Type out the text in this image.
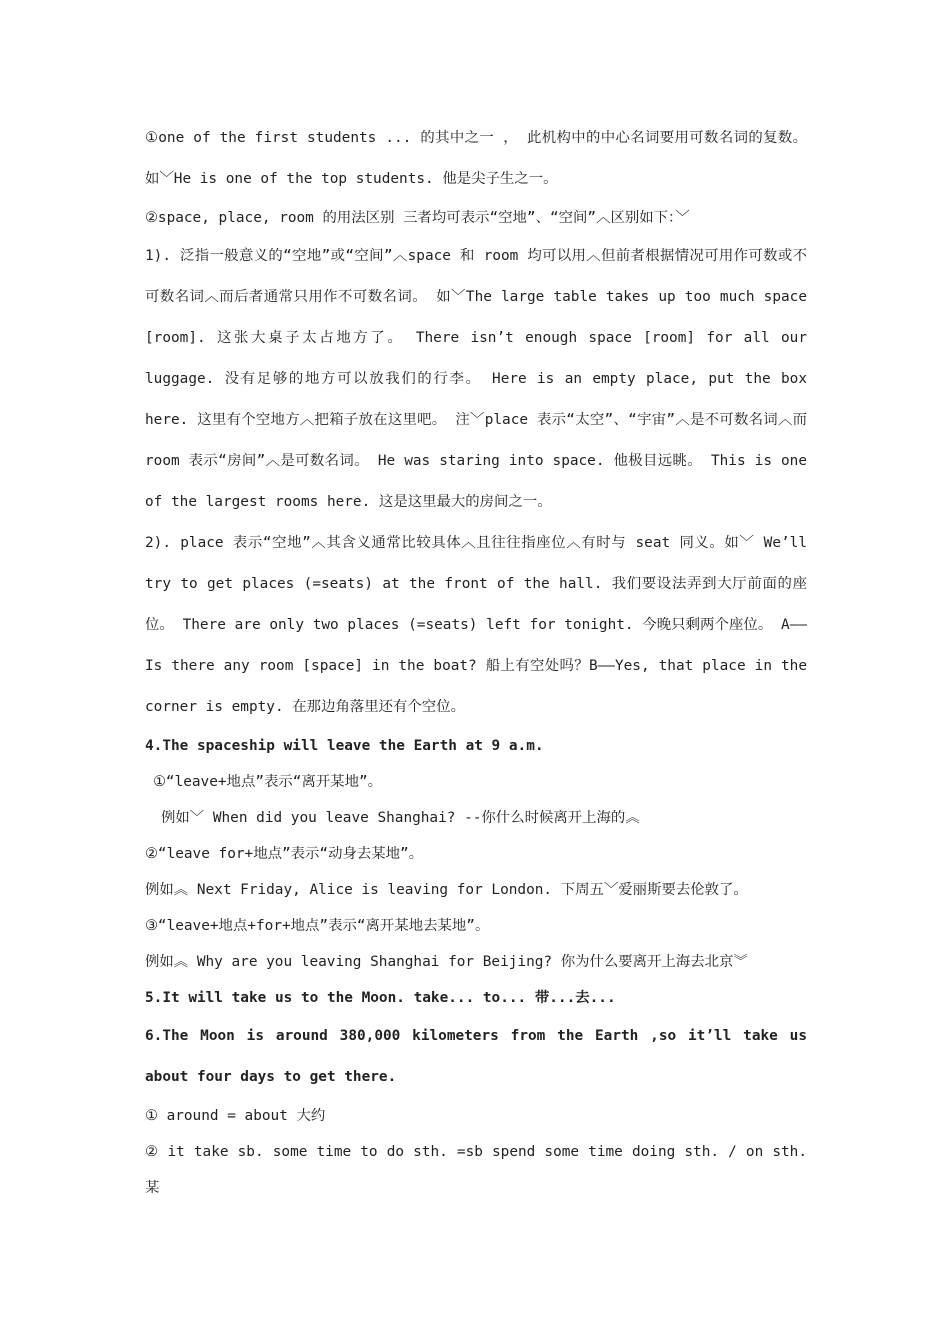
①one of the first students ... 的其中之一 ， 此机构中的中心名词要用可数名词的复数。 如﹀He is one of the top students. 他是尖子生之一。

②space, place, room 的用法区别 三者均可表示“空地”、“空间”︿区别如下：﹀

1). 泛指一般意义的“空地”或“空间”︿space 和 room 均可以用︿但前者根据情况可用作可数或不可数名词︿而后者通常只用作不可数名词。 如﹀The large table takes up too much space [room]. 这张大桌子太占地方了。 There isn’t enough space [room] for all our luggage. 没有足够的地方可以放我们的行李。 Here is an empty place, put the box here. 这里有个空地方︿把箱子放在这里吧。 注﹀place 表示“太空”、“宇宙”︿是不可数名词︿而 room 表示“房间”︿是可数名词。 He was staring into space. 他极目远眺。 This is one of the largest rooms here. 这是这里最大的房间之一。

2). place 表示“空地”︿其含义通常比较具体︿且往往指座位︿有时与 seat 同义。如﹀ We’ll try to get places (=seats) at the front of the hall. 我们要设法弄到大厅前面的座位。 There are only two places (=seats) left for tonight. 今晚只剩两个座位。 A——Is there any room [space] in the boat? 船上有空处吗？B——Yes, that place in the corner is empty. 在那边角落里还有个空位。

4.The spaceship will leave the Earth at 9 a.m.

①“leave+地点”表示“离开某地”。

例如﹀ When did you leave Shanghai? --你什么时候离开上海的︽

②“leave for+地点”表示“动身去某地”。

例如︽ Next Friday, Alice is leaving for London. 下周五﹀爱丽斯要去伦敦了。

③“leave+地点+for+地点”表示“离开某地去某地”。

例如︽ Why are you leaving Shanghai for Beijing? 你为什么要离开上海去北京︾

5.It will take us to the Moon. take... to... 带...去...

6.The Moon is around 380,000 kilometers from the Earth ,so it’ll take us about four days to get there.

① around = about 大约

② it take sb. some time to do sth. =sb spend some time doing sth. / on sth. 某
